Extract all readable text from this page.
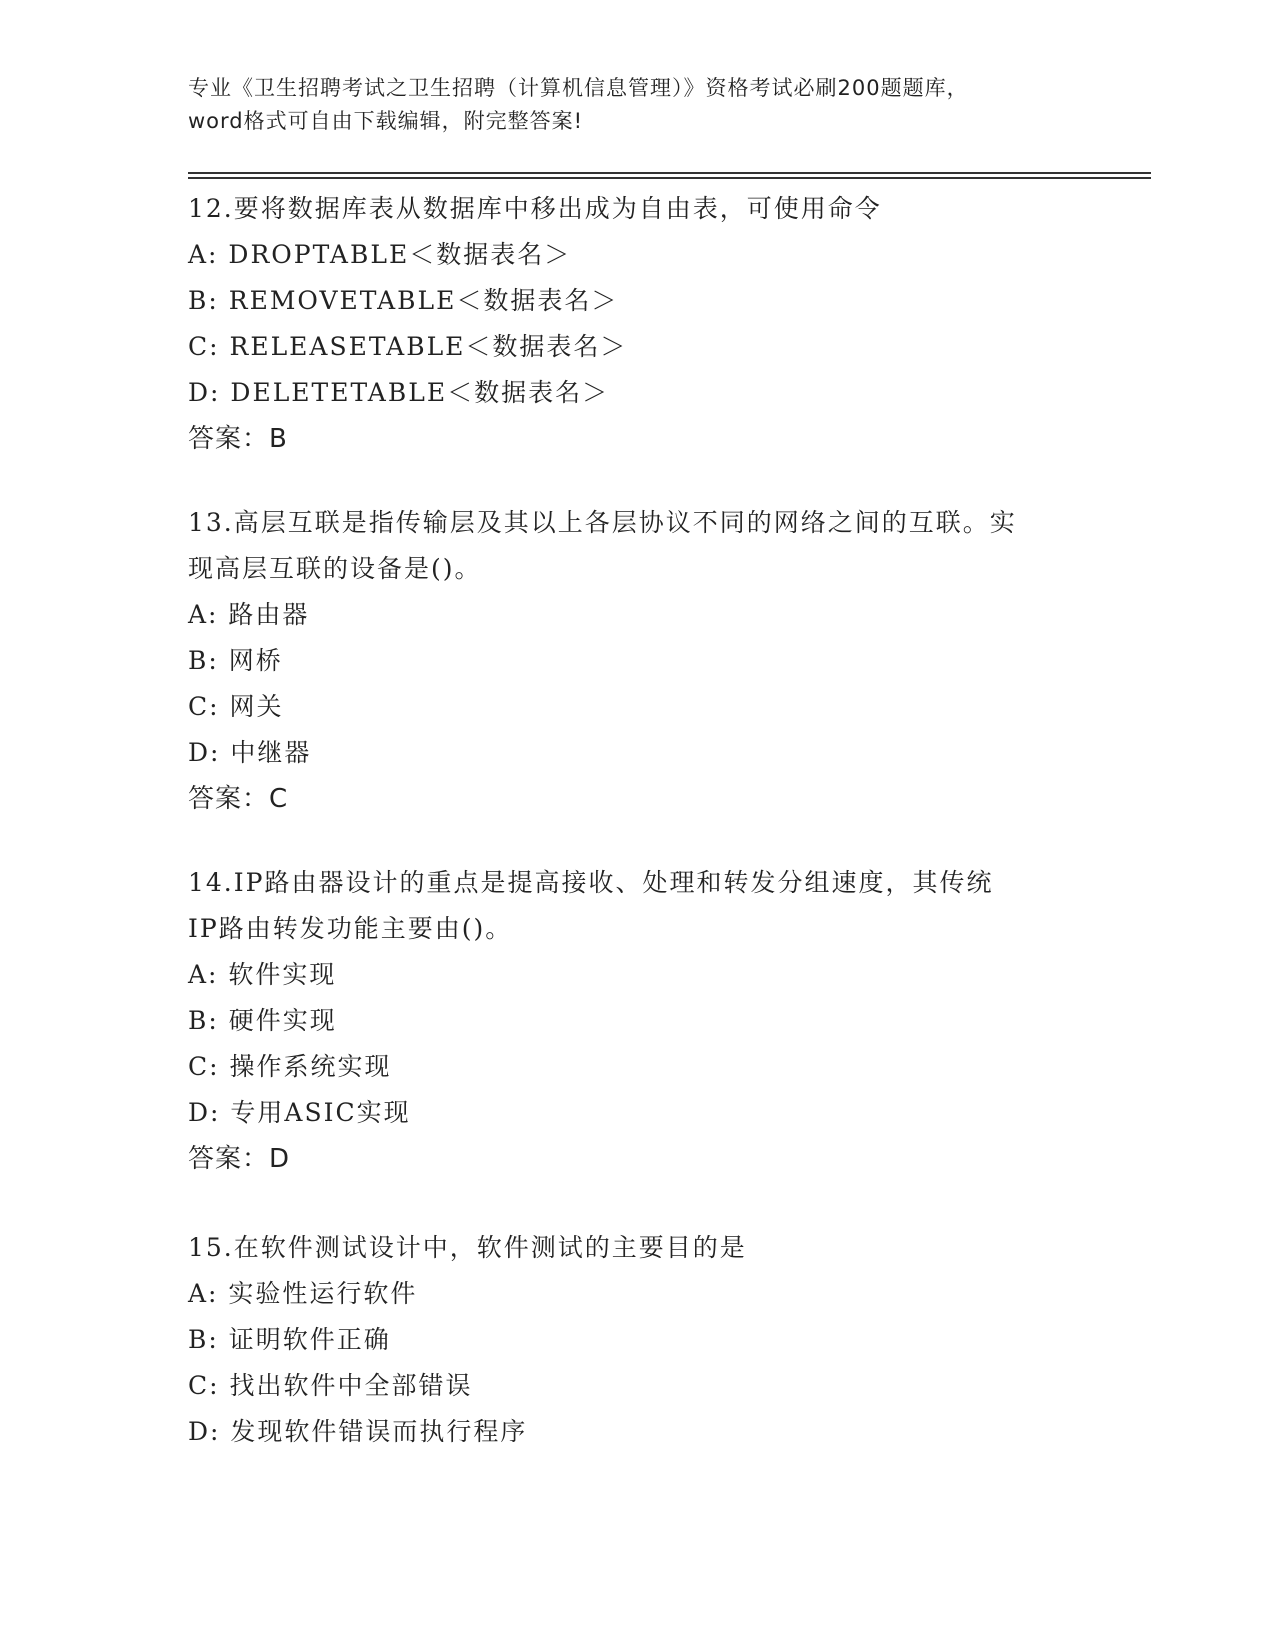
专业《卫生招聘考试之卫生招聘（计算机信息管理）》资格考试必刷200题题库，
word格式可自由下载编辑，附完整答案!
12.要将数据库表从数据库中移出成为自由表，可使用命令
A: DROPTABLE＜数据表名＞
B: REMOVETABLE＜数据表名＞
C: RELEASETABLE＜数据表名＞
D: DELETETABLE＜数据表名＞
答案：B
13.高层互联是指传输层及其以上各层协议不同的网络之间的互联。实
现高层互联的设备是()。
A: 路由器
B: 网桥
C: 网关
D: 中继器
答案：C
14.IP路由器设计的重点是提高接收、处理和转发分组速度，其传统
IP路由转发功能主要由()。
A: 软件实现
B: 硬件实现
C: 操作系统实现
D: 专用ASIC实现
答案：D
15.在软件测试设计中，软件测试的主要目的是
A: 实验性运行软件
B: 证明软件正确
C: 找出软件中全部错误
D: 发现软件错误而执行程序
